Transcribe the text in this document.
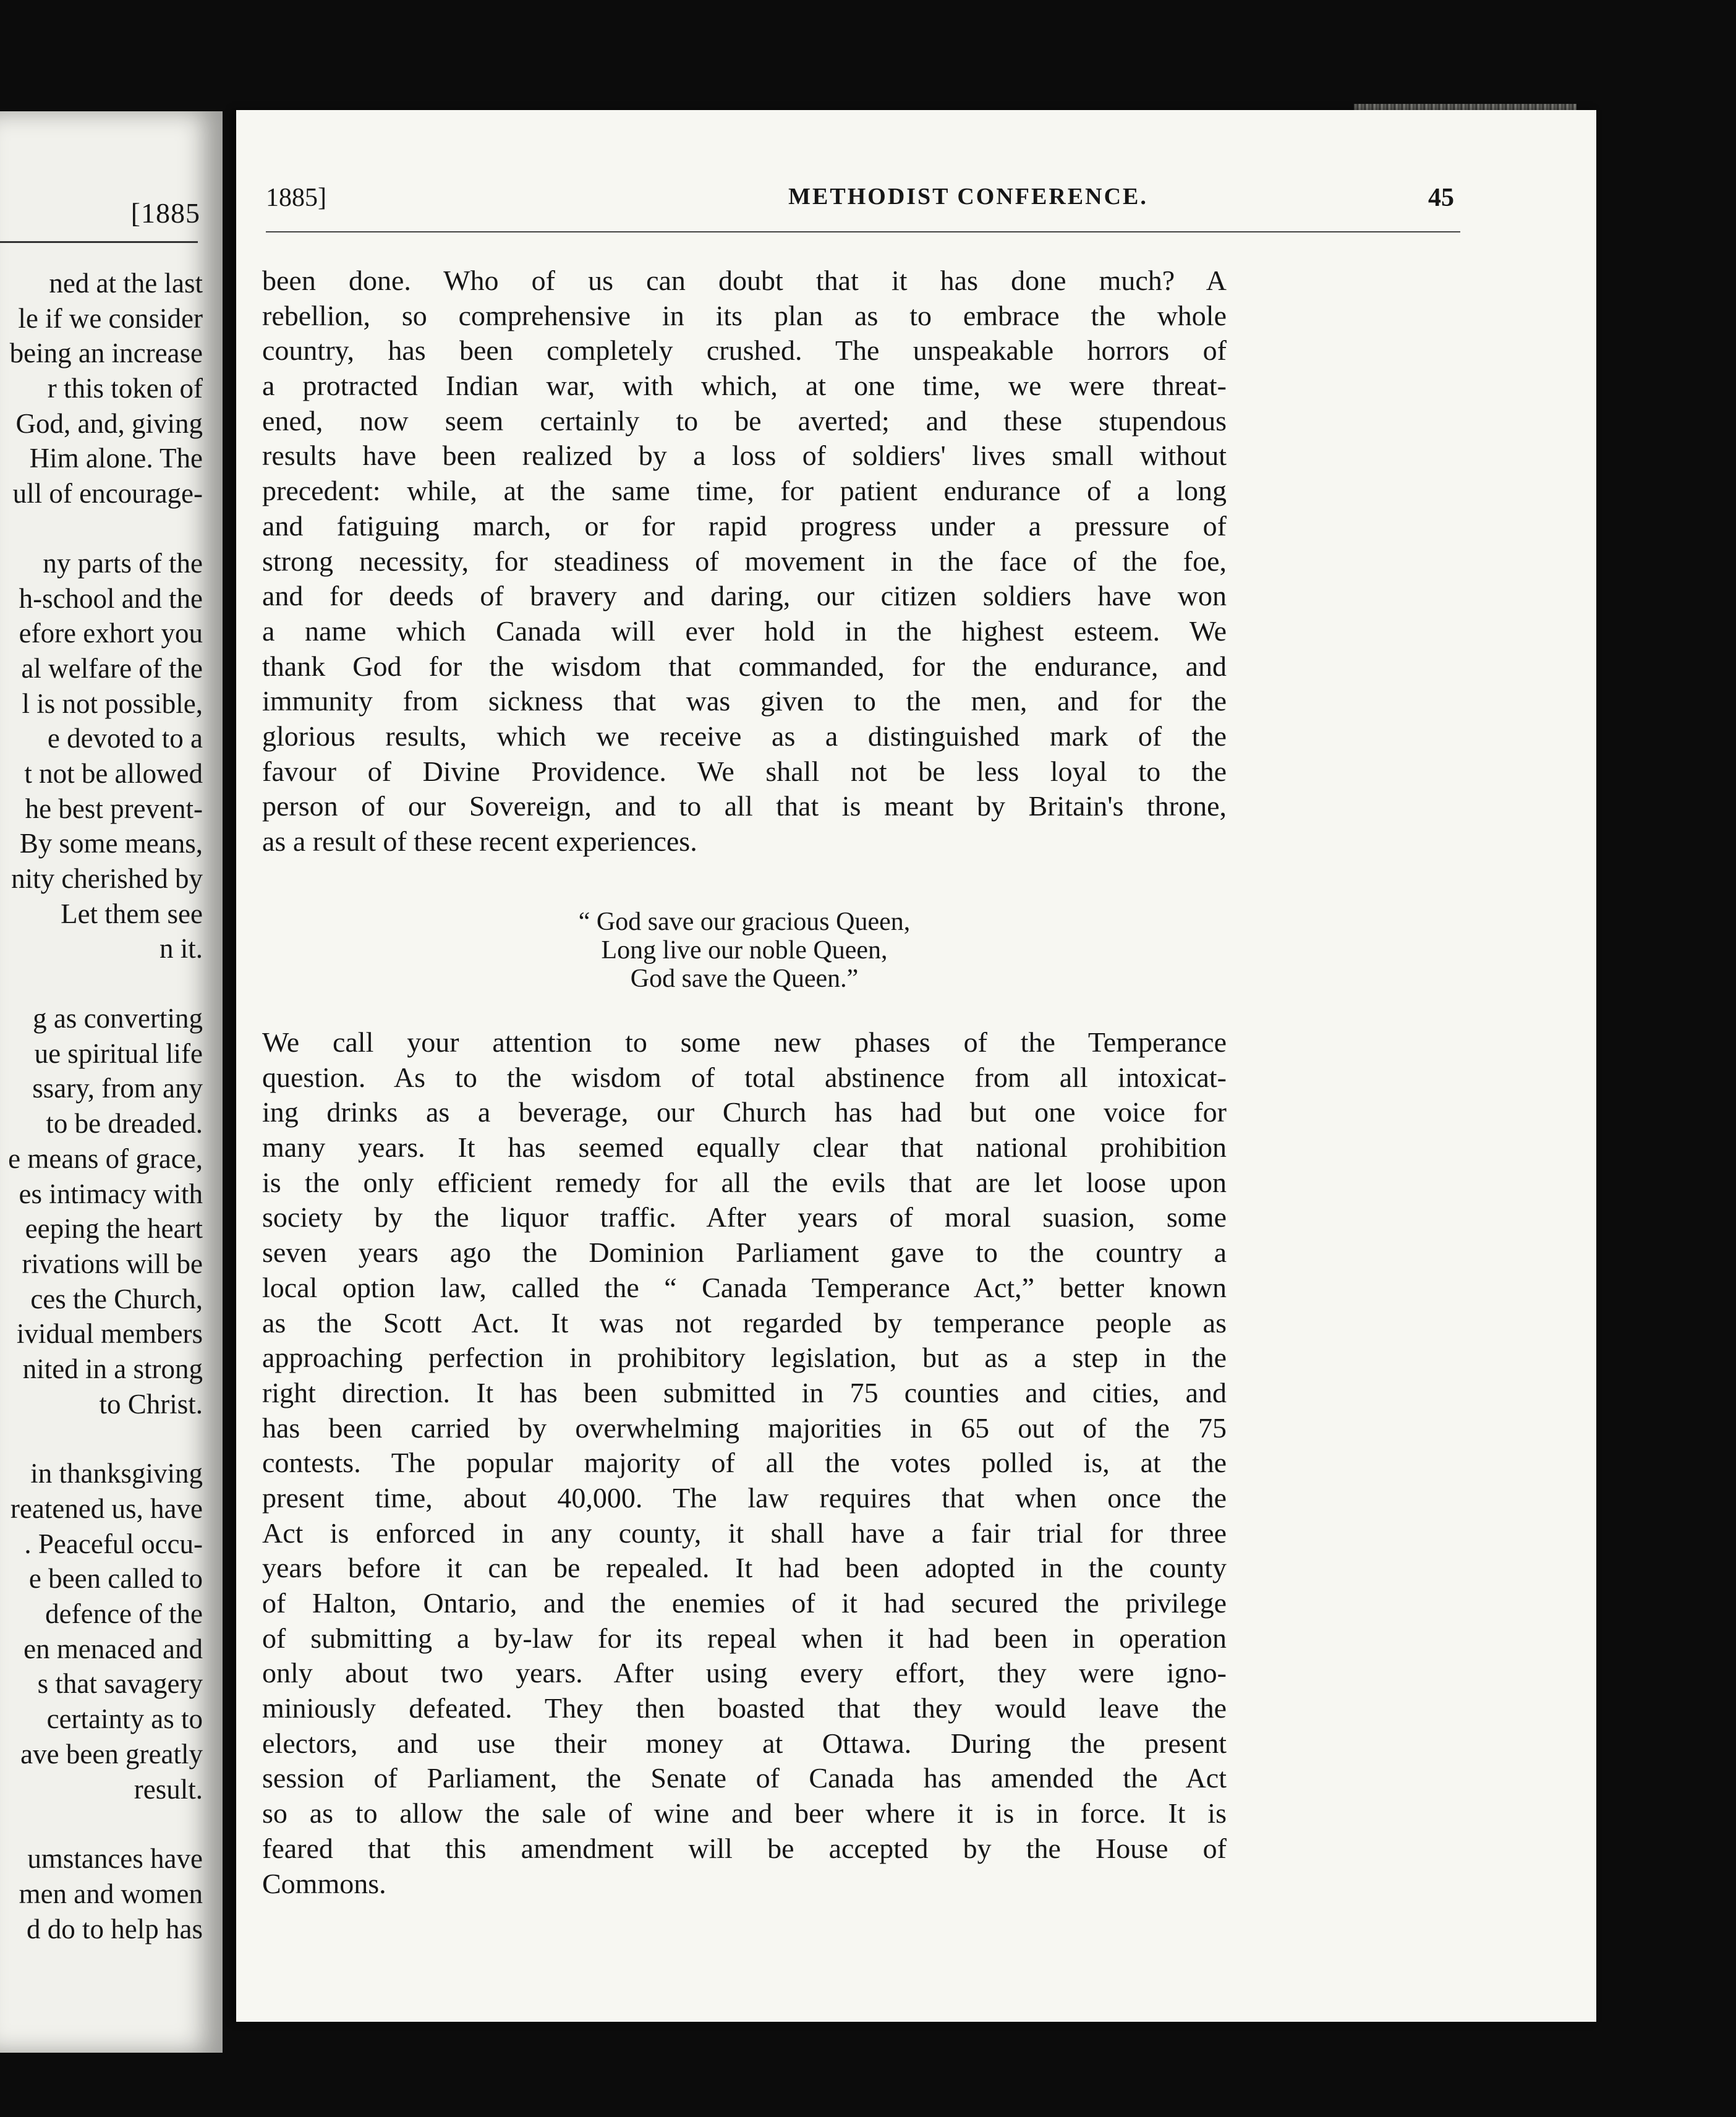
[1885
ned at the last
le if we consider
being an increase
r this token of
God, and, giving
Him alone. The
ull of encourage-
ny parts of the
h-school and the
efore exhort you
al welfare of the
l is not possible,
e devoted to a
t not be allowed
he best prevent-
By some means,
nity cherished by
Let them see
n it.
g as converting
ue spiritual life
ssary, from any
to be dreaded.
e means of grace,
es intimacy with
eeping the heart
rivations will be
ces the Church,
ividual members
nited in a strong
to Christ.
in thanksgiving
reatened us, have
. Peaceful occu-
e been called to
defence of the
en menaced and
s that savagery
certainty as to
ave been greatly
result.
umstances have
men and women
d do to help has
1885]	METHODIST CONFERENCE.	45
been done. Who of us can doubt that it has done much? A
rebellion, so comprehensive in its plan as to embrace the whole
country, has been completely crushed. The unspeakable horrors of
a protracted Indian war, with which, at one time, we were threat-
ened, now seem certainly to be averted; and these stupendous
results have been realized by a loss of soldiers' lives small without
precedent: while, at the same time, for patient endurance of a long
and fatiguing march, or for rapid progress under a pressure of
strong necessity, for steadiness of movement in the face of the foe,
and for deeds of bravery and daring, our citizen soldiers have won
a name which Canada will ever hold in the highest esteem. We
thank God for the wisdom that commanded, for the endurance, and
immunity from sickness that was given to the men, and for the
glorious results, which we receive as a distinguished mark of the
favour of Divine Providence. We shall not be less loyal to the
person of our Sovereign, and to all that is meant by Britain's throne,
as a result of these recent experiences.
“ God save our gracious Queen,
Long live our noble Queen,
God save the Queen.”
We call your attention to some new phases of the Temperance
question. As to the wisdom of total abstinence from all intoxicat-
ing drinks as a beverage, our Church has had but one voice for
many years. It has seemed equally clear that national prohibition
is the only efficient remedy for all the evils that are let loose upon
society by the liquor traffic. After years of moral suasion, some
seven years ago the Dominion Parliament gave to the country a
local option law, called the “ Canada Temperance Act,” better known
as the Scott Act. It was not regarded by temperance people as
approaching perfection in prohibitory legislation, but as a step in the
right direction. It has been submitted in 75 counties and cities, and
has been carried by overwhelming majorities in 65 out of the 75
contests. The popular majority of all the votes polled is, at the
present time, about 40,000. The law requires that when once the
Act is enforced in any county, it shall have a fair trial for three
years before it can be repealed. It had been adopted in the county
of Halton, Ontario, and the enemies of it had secured the privilege
of submitting a by-law for its repeal when it had been in operation
only about two years. After using every effort, they were igno-
miniously defeated. They then boasted that they would leave the
electors, and use their money at Ottawa. During the present
session of Parliament, the Senate of Canada has amended the Act
so as to allow the sale of wine and beer where it is in force. It is
feared that this amendment will be accepted by the House of
Commons.
